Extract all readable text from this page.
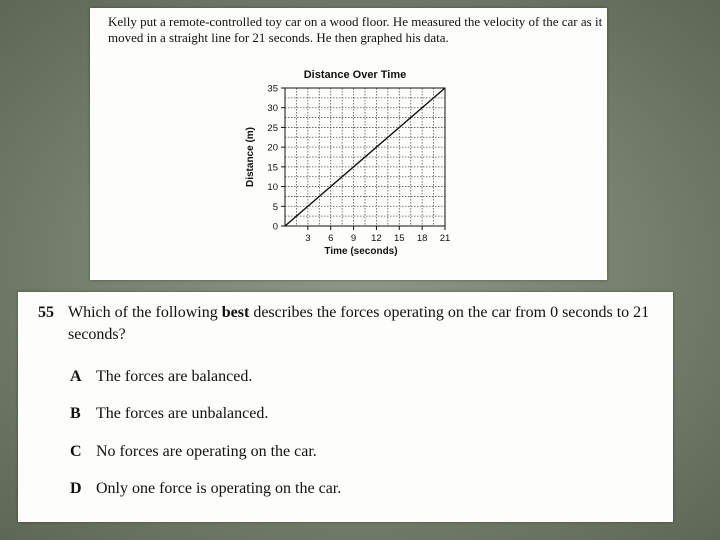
Kelly put a remote-controlled toy car on a wood floor. He measured the velocity of the car as it moved in a straight line for 21 seconds. He then graphed his data.
Distance Over Time
0
5
10
15
20
25
30
35
3 6 9 12 15 18 21
Time (seconds)
Distance (m)
55 Which of the following best describes the forces operating on the car from 0 seconds to 21 seconds?
A The forces are balanced.
B The forces are unbalanced.
C No forces are operating on the car.
D Only one force is operating on the car.
